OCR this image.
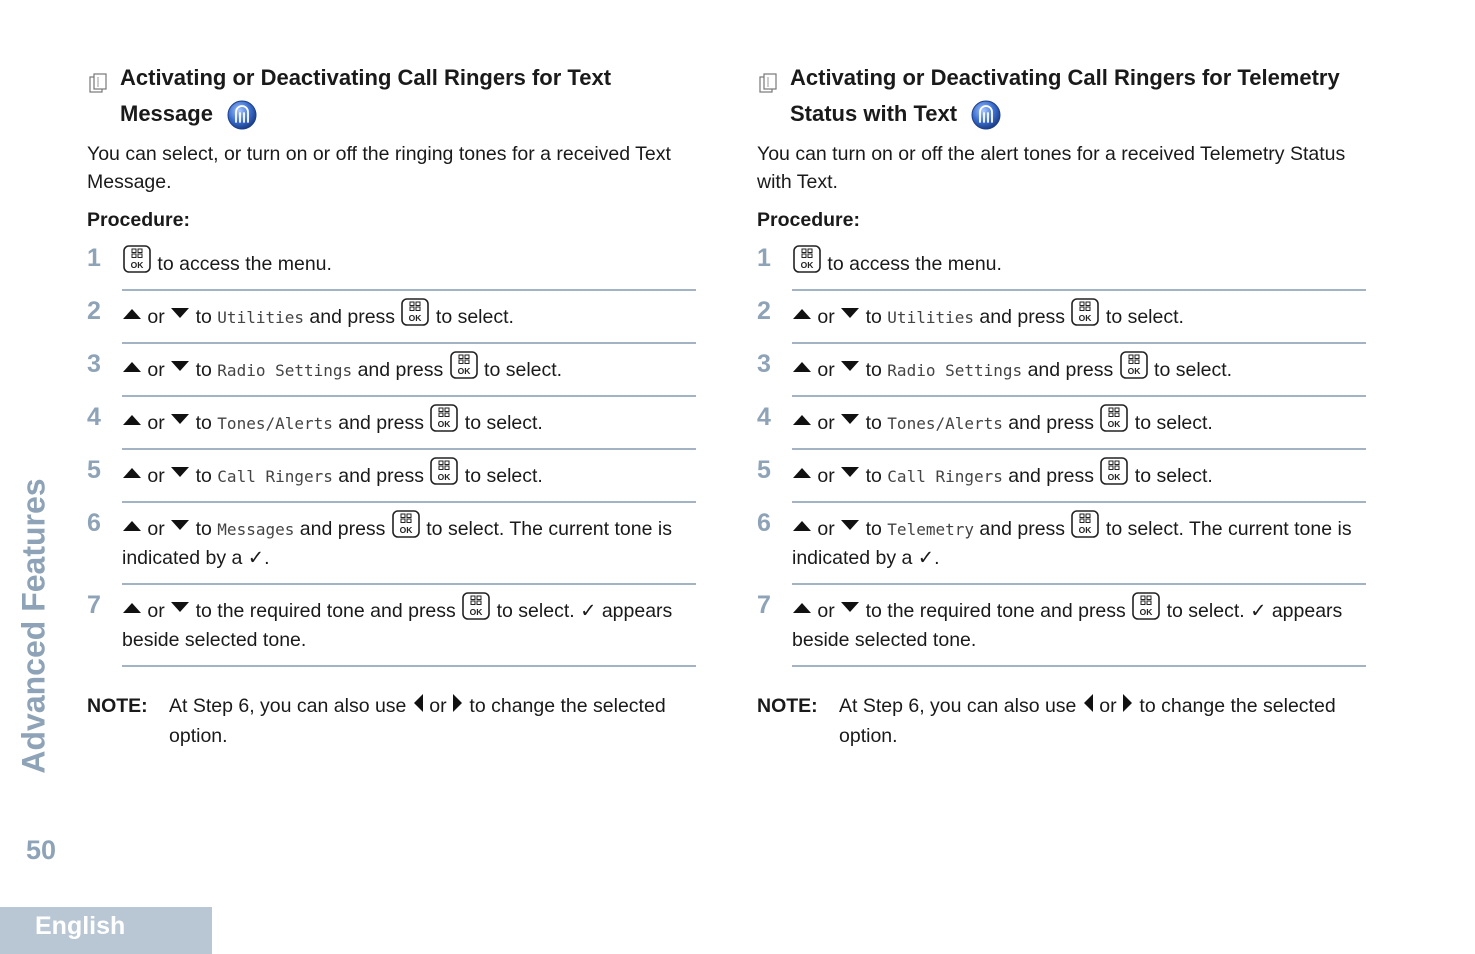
Advanced Features
50
English
Activating or Deactivating Call Ringers for Text Message

You can select, or turn on or off the ringing tones for a received Text Message.

Procedure:
1	OK to access the menu.
2	or  to Utilities and press OK to select.
3	or  to Radio Settings and press OK to select.
4	or  to Tones/Alerts and press OK to select.
5	or  to Call Ringers and press OK to select.
6	or  to Messages and press OK to select. The current tone is indicated by a ✓.
7	or  to the required tone and press OK to select. ✓ appears beside selected tone.
NOTE: At Step 6, you can also use  or  to change the selected option.
Activating or Deactivating Call Ringers for Telemetry Status with Text

You can turn on or off the alert tones for a received Telemetry Status with Text.

Procedure:
1	OK to access the menu.
2	or  to Utilities and press OK to select.
3	or  to Radio Settings and press OK to select.
4	or  to Tones/Alerts and press OK to select.
5	or  to Call Ringers and press OK to select.
6	or  to Telemetry and press OK to select. The current tone is indicated by a ✓.
7	or  to the required tone and press OK to select. ✓ appears beside selected tone.
NOTE: At Step 6, you can also use  or  to change the selected option.
